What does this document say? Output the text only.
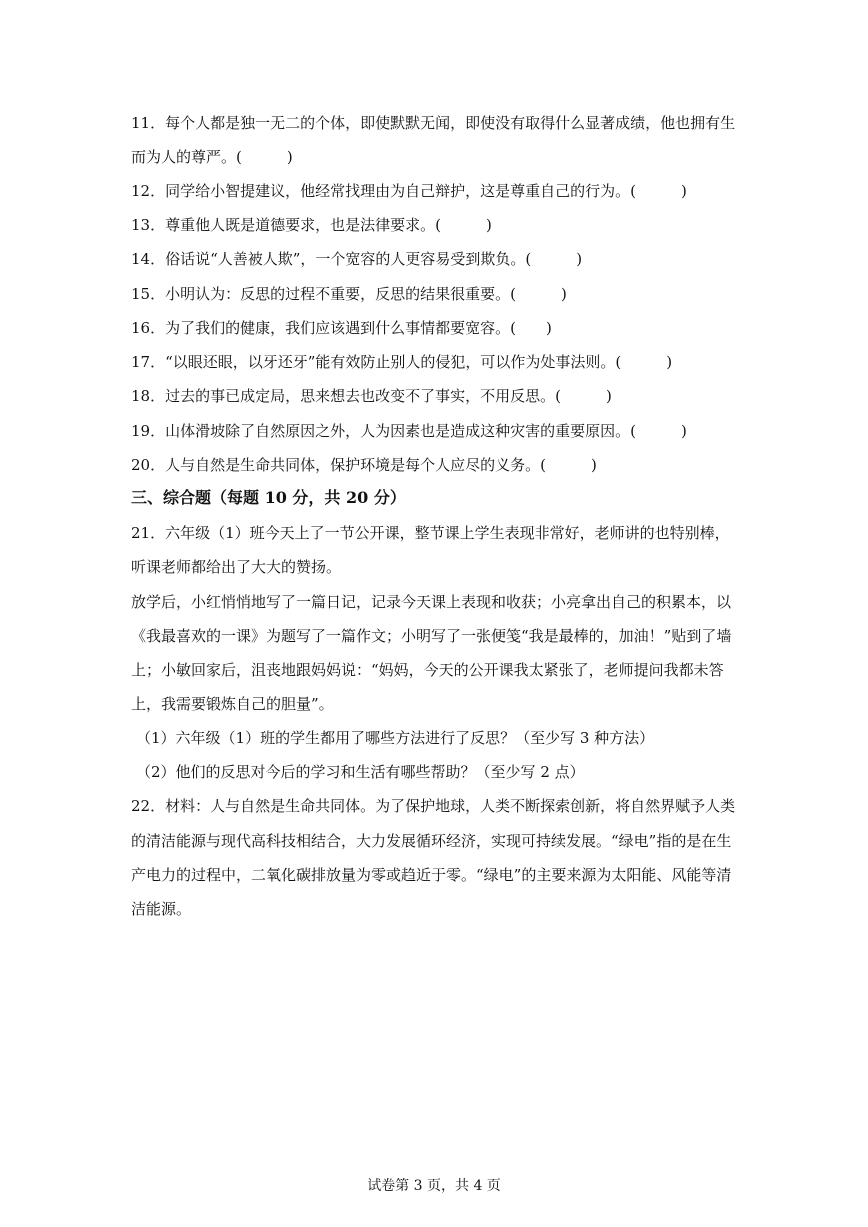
11．每个人都是独一无二的个体，即使默默无闻，即使没有取得什么显著成绩，他也拥有生
而为人的尊严。(　　　)
12．同学给小智提建议，他经常找理由为自己辩护，这是尊重自己的行为。(　　　)
13．尊重他人既是道德要求，也是法律要求。(　　　)
14．俗话说“人善被人欺”，一个宽容的人更容易受到欺负。(　　　)
15．小明认为：反思的过程不重要，反思的结果很重要。(　　　)
16．为了我们的健康，我们应该遇到什么事情都要宽容。(　　)
17．“以眼还眼，以牙还牙”能有效防止别人的侵犯，可以作为处事法则。(　　　)
18．过去的事已成定局，思来想去也改变不了事实，不用反思。(　　　)
19．山体滑坡除了自然原因之外，人为因素也是造成这种灾害的重要原因。(　　　)
20．人与自然是生命共同体，保护环境是每个人应尽的义务。(　　　)
三、综合题（每题 10 分，共 20 分）
21．六年级（1）班今天上了一节公开课，整节课上学生表现非常好，老师讲的也特别棒，
听课老师都给出了大大的赞扬。
放学后，小红悄悄地写了一篇日记，记录今天课上表现和收获；小亮拿出自己的积累本，以
《我最喜欢的一课》为题写了一篇作文；小明写了一张便笺“我是最棒的，加油！”贴到了墙
上；小敏回家后，沮丧地跟妈妈说：“妈妈，今天的公开课我太紧张了，老师提问我都未答
上，我需要锻炼自己的胆量”。
（1）六年级（1）班的学生都用了哪些方法进行了反思？（至少写 3 种方法）
（2）他们的反思对今后的学习和生活有哪些帮助？（至少写 2 点）
22．材料：人与自然是生命共同体。为了保护地球，人类不断探索创新，将自然界赋予人类
的清洁能源与现代高科技相结合，大力发展循环经济，实现可持续发展。“绿电”指的是在生
产电力的过程中，二氧化碳排放量为零或趋近于零。“绿电”的主要来源为太阳能、风能等清
洁能源。
试卷第 3 页，共 4 页
